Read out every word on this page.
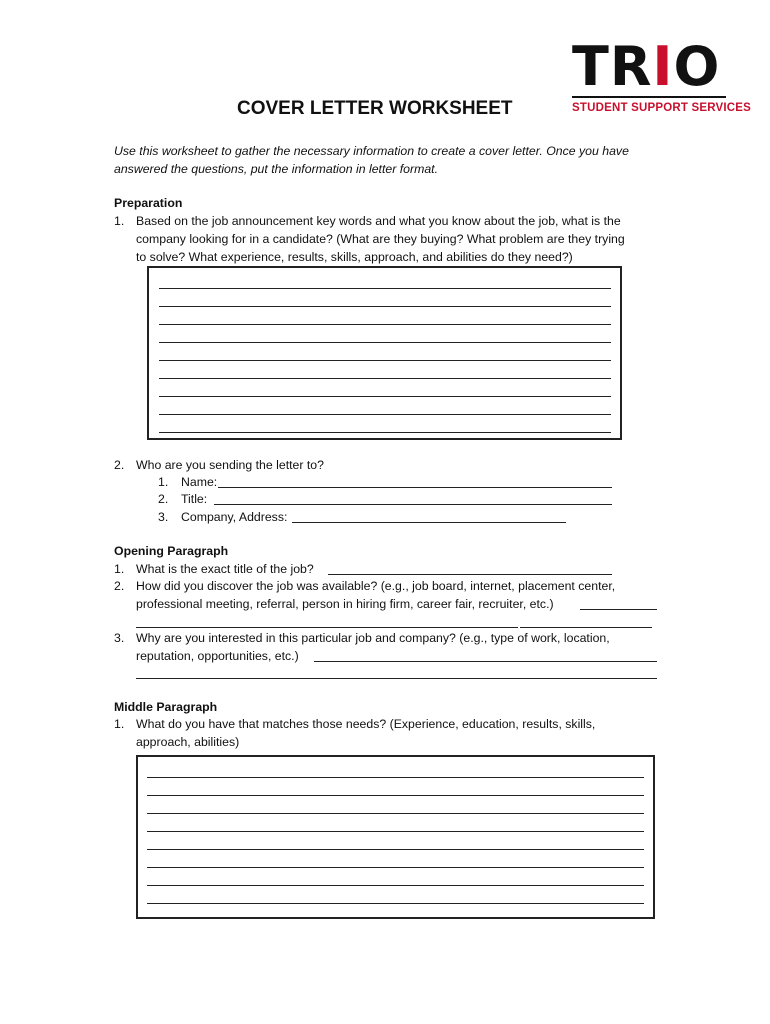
TRIO
STUDENT SUPPORT SERVICES
COVER LETTER WORKSHEET
Use this worksheet to gather the necessary information to create a cover letter. Once you have
answered the questions, put the information in letter format.
Preparation
1. Based on the job announcement key words and what you know about the job, what is the
company looking for in a candidate? (What are they buying? What problem are they trying
to solve? What experience, results, skills, approach, and abilities do they need?)
2. Who are you sending the letter to?
1. Name:
2. Title:
3. Company, Address:
Opening Paragraph
1. What is the exact title of the job?
2. How did you discover the job was available? (e.g., job board, internet, placement center,
professional meeting, referral, person in hiring firm, career fair, recruiter, etc.)
3. Why are you interested in this particular job and company? (e.g., type of work, location,
reputation, opportunities, etc.)
Middle Paragraph
1. What do you have that matches those needs? (Experience, education, results, skills,
approach, abilities)
